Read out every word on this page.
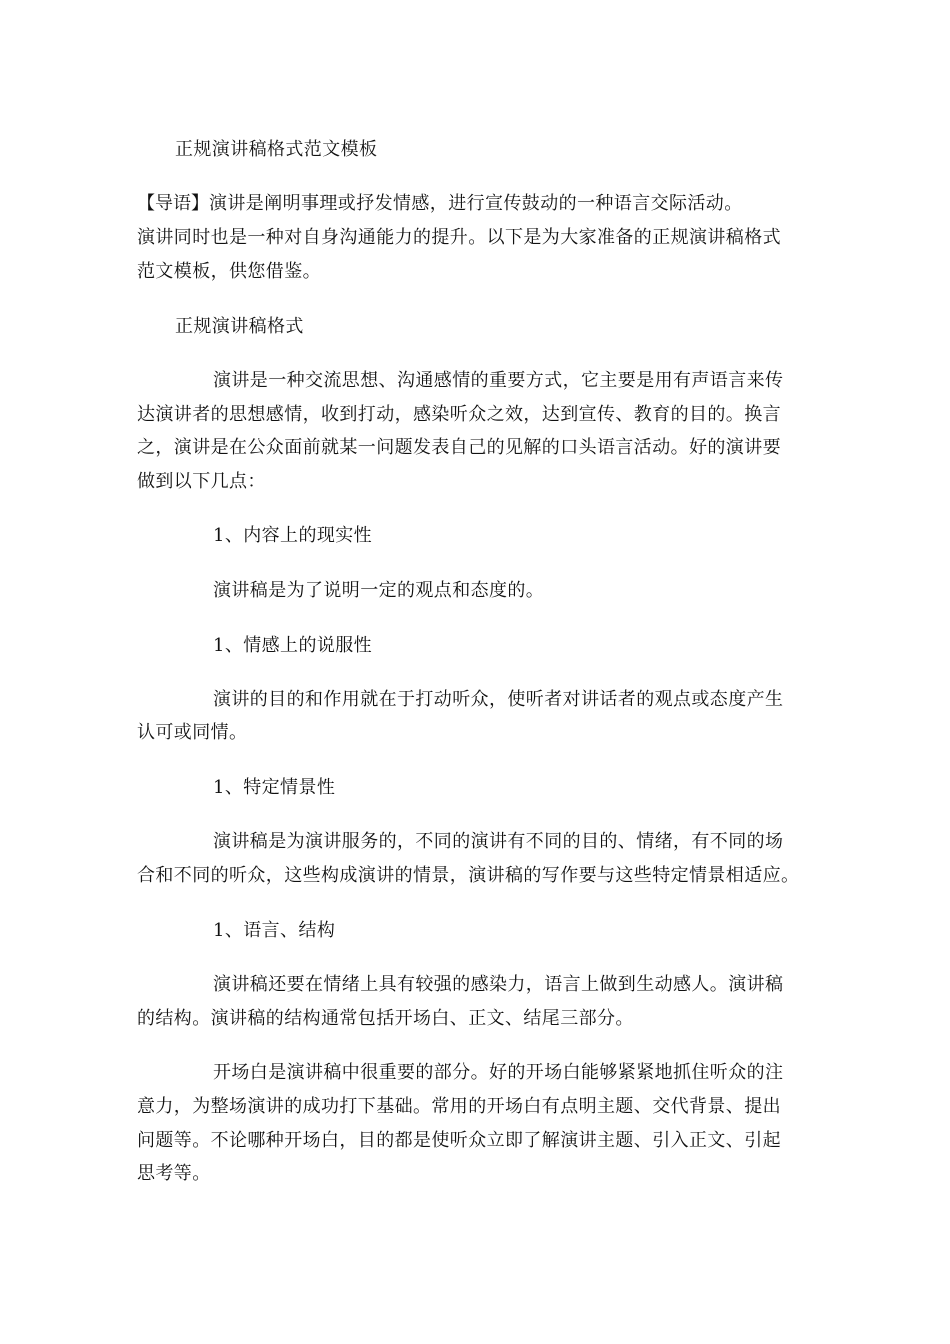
正规演讲稿格式范文模板
【导语】演讲是阐明事理或抒发情感，进行宣传鼓动的一种语言交际活动。
演讲同时也是一种对自身沟通能力的提升。以下是为大家准备的正规演讲稿格式
范文模板，供您借鉴。
正规演讲稿格式
演讲是一种交流思想、沟通感情的重要方式，它主要是用有声语言来传
达演讲者的思想感情，收到打动，感染听众之效，达到宣传、教育的目的。换言
之，演讲是在公众面前就某一问题发表自己的见解的口头语言活动。好的演讲要
做到以下几点：
1、内容上的现实性
演讲稿是为了说明一定的观点和态度的。
1、情感上的说服性
演讲的目的和作用就在于打动听众，使听者对讲话者的观点或态度产生
认可或同情。
1、特定情景性
演讲稿是为演讲服务的，不同的演讲有不同的目的、情绪，有不同的场
合和不同的听众，这些构成演讲的情景，演讲稿的写作要与这些特定情景相适应。
1、语言、结构
演讲稿还要在情绪上具有较强的感染力，语言上做到生动感人。演讲稿
的结构。演讲稿的结构通常包括开场白、正文、结尾三部分。
开场白是演讲稿中很重要的部分。好的开场白能够紧紧地抓住听众的注
意力，为整场演讲的成功打下基础。常用的开场白有点明主题、交代背景、提出
问题等。不论哪种开场白，目的都是使听众立即了解演讲主题、引入正文、引起
思考等。
